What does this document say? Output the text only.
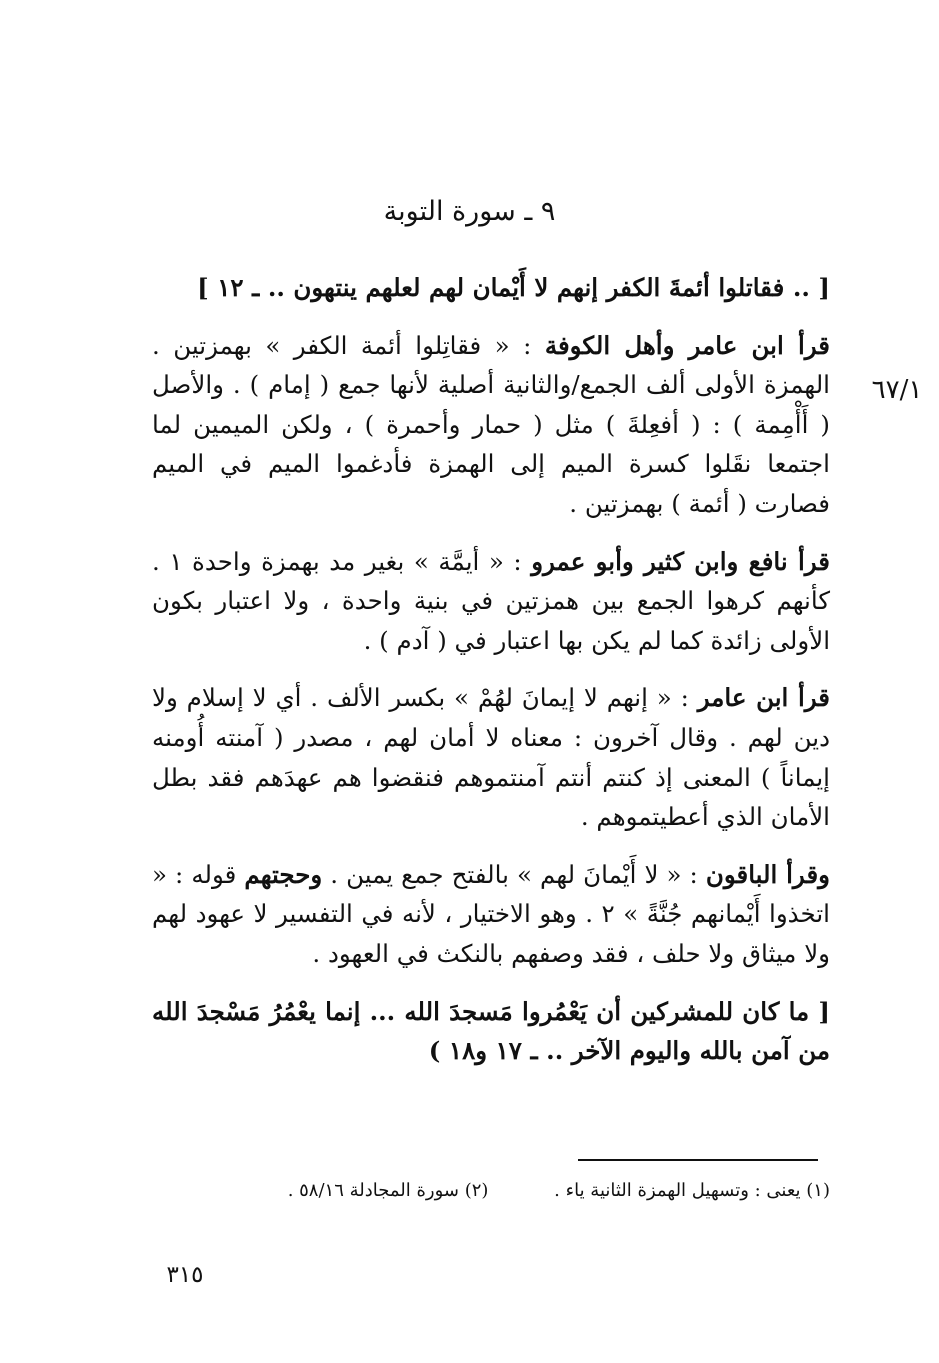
٩ ـ سورة التوبة
٦٧/١

[ .. فقاتلوا أئمةَ الكفر إنهم لا أَيْمان لهم لعلهم ينتهون .. ـ ١٢ ]

قرأ ابن عامر وأهل الكوفة : « فقاتِلوا أئمة الكفر » بهمزتين . الهمزة الأولى ألف الجمع/والثانية أصلية لأنها جمع ( إمام ) . والأصل ( أَأْمِمة ) : ( أفعِلةَ ) مثل ( حمار وأحمرة ) ، ولكن الميمين لما اجتمعا نقَلوا كسرة الميم إلى الهمزة فأدغموا الميم في الميم فصارت ( أئمة ) بهمزتين .

قرأ نافع وابن كثير وأبو عمرو : « أيمَّة » بغير مد بهمزة واحدة ١ . كأنهم كرهوا الجمع بين همزتين في بنية واحدة ، ولا اعتبار بكون الأولى زائدة كما لم يكن بها اعتبار في ( آدم ) .

قرأ ابن عامر : « إنهم لا إيمانَ لهُمْ » بكسر الألف . أي لا إسلام ولا دين لهم . وقال آخرون : معناه لا أمان لهم ، مصدر ( آمنته أُومنه إيماناً ) المعنى إذ كنتم أنتم آمنتموهم فنقضوا هم عهدَهم فقد بطل الأمان الذي أعطيتموهم .

وقرأ الباقون : « لا أَيْمانَ لهم » بالفتح جمع يمين . وحجتهم قوله : « اتخذوا أَيْمانهم جُنَّةً » ٢ . وهو الاختيار ، لأنه في التفسير لا عهود لهم ولا ميثاق ولا حلف ، فقد وصفهم بالنكث في العهود .

[ ما كان للمشركين أن يَعْمُروا مَسجدَ الله ... إنما يعْمُرُ مَسْجدَ الله من آمن بالله واليوم الآخر .. ـ ١٧ و١٨ )

(١) يعنى : وتسهيل الهمزة الثانية ياء . (٢) سورة المجادلة ٥٨/١٦ .
٣١٥
